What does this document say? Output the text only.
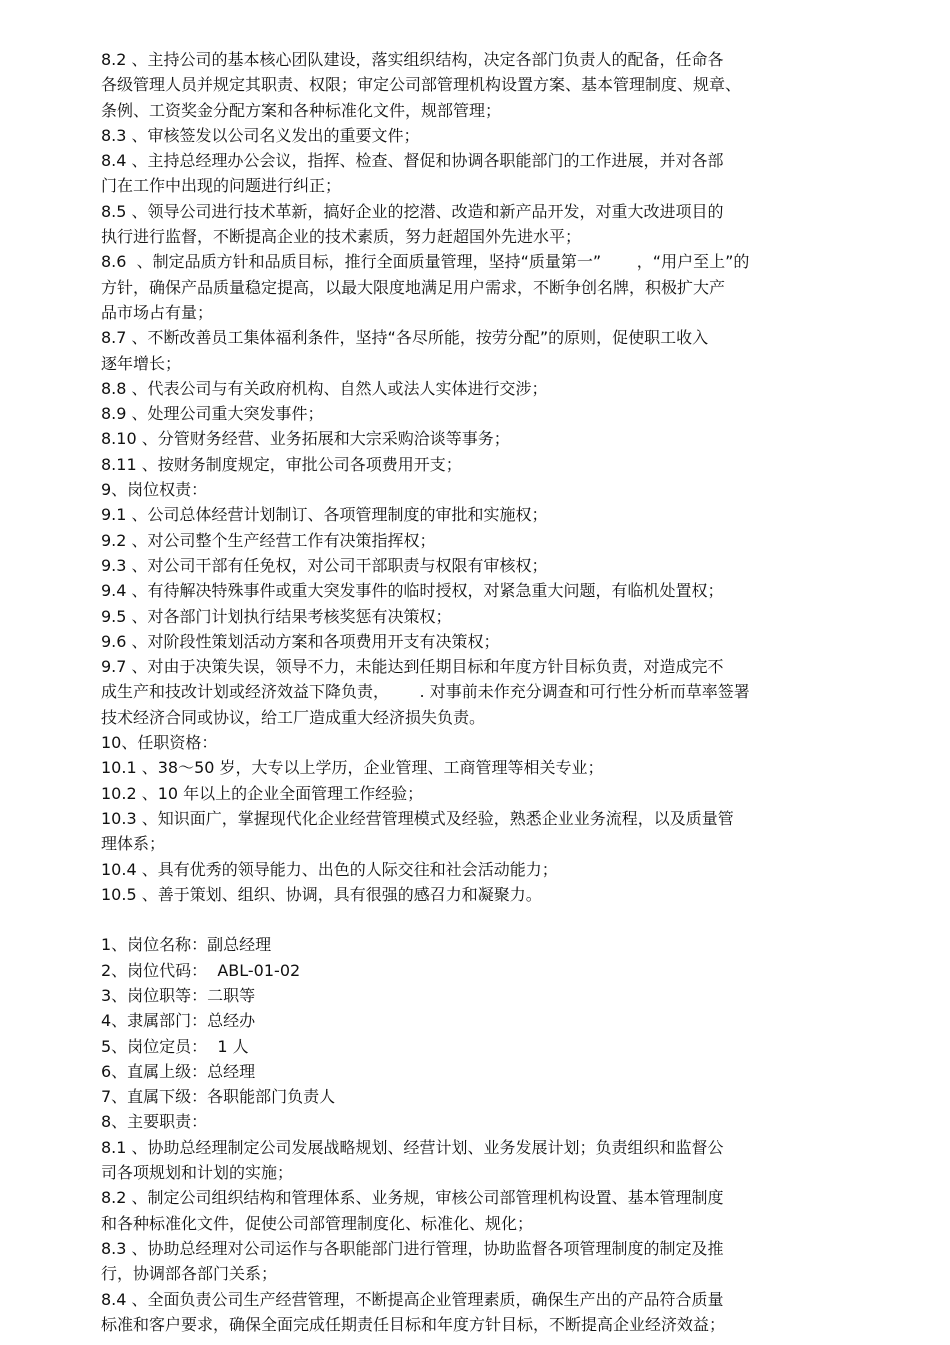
8.2 、主持公司的基本核心团队建设，落实组织结构，决定各部门负责人的配备，任命各
各级管理人员并规定其职责、权限；审定公司部管理机构设置方案、基本管理制度、规章、
条例、工资奖金分配方案和各种标准化文件，规部管理；
8.3 、审核签发以公司名义发出的重要文件；
8.4 、主持总经理办公会议，指挥、检查、督促和协调各职能部门的工作进展，并对各部
门在工作中出现的问题进行纠正；
8.5 、领导公司进行技术革新，搞好企业的挖潜、改造和新产品开发，对重大改进项目的
执行进行监督，不断提高企业的技术素质，努力赶超国外先进水平；
8.6  、制定品质方针和品质目标，推行全面质量管理，坚持“质量第一”       ，“用户至上”的
方针，确保产品质量稳定提高，以最大限度地满足用户需求，不断争创名牌，积极扩大产
品市场占有量；
8.7 、不断改善员工集体福利条件，坚持“各尽所能，按劳分配”的原则，促使职工收入
逐年增长；
8.8 、代表公司与有关政府机构、自然人或法人实体进行交涉；
8.9 、处理公司重大突发事件；
8.10 、分管财务经营、业务拓展和大宗采购洽谈等事务；
8.11 、按财务制度规定，审批公司各项费用开支；
9、岗位权责：
9.1 、公司总体经营计划制订、各项管理制度的审批和实施权；
9.2 、对公司整个生产经营工作有决策指挥权；
9.3 、对公司干部有任免权，对公司干部职责与权限有审核权；
9.4 、有待解决特殊事件或重大突发事件的临时授权，对紧急重大问题，有临机处置权；
9.5 、对各部门计划执行结果考核奖惩有决策权；
9.6 、对阶段性策划活动方案和各项费用开支有决策权；
9.7 、对由于决策失误，领导不力，未能达到任期目标和年度方针目标负责，对造成完不
成生产和技改计划或经济效益下降负责，      . 对事前未作充分调查和可行性分析而草率签署
技术经济合同或协议，给工厂造成重大经济损失负责。
10、任职资格：
10.1 、38～50 岁，大专以上学历，企业管理、工商管理等相关专业；
10.2 、10 年以上的企业全面管理工作经验；
10.3 、知识面广，掌握现代化企业经营管理模式及经验，熟悉企业业务流程，以及质量管
理体系；
10.4 、具有优秀的领导能力、出色的人际交往和社会活动能力；
10.5 、善于策划、组织、协调，具有很强的感召力和凝聚力。
1、岗位名称：副总经理
2、岗位代码：  ABL-01-02
3、岗位职等：二职等
4、隶属部门：总经办
5、岗位定员：  1 人
6、直属上级：总经理
7、直属下级：各职能部门负责人
8、主要职责：
8.1 、协助总经理制定公司发展战略规划、经营计划、业务发展计划；负责组织和监督公
司各项规划和计划的实施；
8.2 、制定公司组织结构和管理体系、业务规，审核公司部管理机构设置、基本管理制度
和各种标准化文件，促使公司部管理制度化、标准化、规化；
8.3 、协助总经理对公司运作与各职能部门进行管理，协助监督各项管理制度的制定及推
行，协调部各部门关系；
8.4 、全面负责公司生产经营管理，不断提高企业管理素质，确保生产出的产品符合质量
标准和客户要求，确保全面完成任期责任目标和年度方针目标，不断提高企业经济效益；
